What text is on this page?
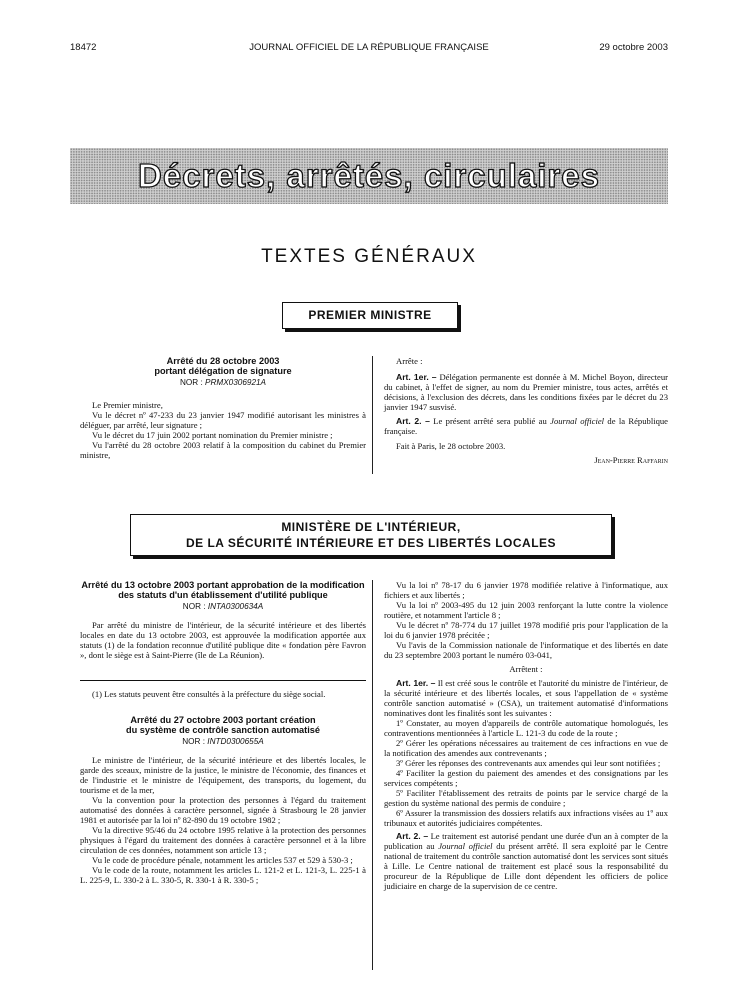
18472	JOURNAL OFFICIEL DE LA RÉPUBLIQUE FRANÇAISE	29 octobre 2003
Décrets, arrêtés, circulaires
TEXTES GÉNÉRAUX
PREMIER MINISTRE
Arrêté du 28 octobre 2003
portant délégation de signature
NOR : PRMX0306921A

Le Premier ministre,

Vu le décret nº 47-233 du 23 janvier 1947 modifié autorisant les ministres à déléguer, par arrêté, leur signature ;

Vu le décret du 17 juin 2002 portant nomination du Premier ministre ;

Vu l'arrêté du 28 octobre 2003 relatif à la composition du cabinet du Premier ministre,

Arrête :

Art. 1er. – Délégation permanente est donnée à M. Michel Boyon, directeur du cabinet, à l'effet de signer, au nom du Premier ministre, tous actes, arrêtés et décisions, à l'exclusion des décrets, dans les conditions fixées par le décret du 23 janvier 1947 susvisé.

Art. 2. – Le présent arrêté sera publié au Journal officiel de la République française.

Fait à Paris, le 28 octobre 2003.

Jean-Pierre Raffarin

MINISTÈRE DE L'INTÉRIEUR,
DE LA SÉCURITÉ INTÉRIEURE ET DES LIBERTÉS LOCALES
Arrêté du 13 octobre 2003 portant approbation de la modification des statuts d'un établissement d'utilité publique
NOR : INTA0300634A

Par arrêté du ministre de l'intérieur, de la sécurité intérieure et des libertés locales en date du 13 octobre 2003, est approuvée la modification apportée aux statuts (1) de la fondation reconnue d'utilité publique dite « fondation père Favron », dont le siège est à Saint-Pierre (île de La Réunion).

(1) Les statuts peuvent être consultés à la préfecture du siège social.

Arrêté du 27 octobre 2003 portant création
du système de contrôle sanction automatisé
NOR : INTD0300655A

Le ministre de l'intérieur, de la sécurité intérieure et des libertés locales, le garde des sceaux, ministre de la justice, le ministre de l'économie, des finances et de l'industrie et le ministre de l'équipement, des transports, du logement, du tourisme et de la mer,

Vu la convention pour la protection des personnes à l'égard du traitement automatisé des données à caractère personnel, signée à Strasbourg le 28 janvier 1981 et autorisée par la loi nº 82-890 du 19 octobre 1982 ;

Vu la directive 95/46 du 24 octobre 1995 relative à la protection des personnes physiques à l'égard du traitement des données à caractère personnel et à la libre circulation de ces données, notamment son article 13 ;

Vu le code de procédure pénale, notamment les articles 537 et 529 à 530-3 ;

Vu le code de la route, notamment les articles L. 121-2 et L. 121-3, L. 225-1 à L. 225-9, L. 330-2 à L. 330-5, R. 330-1 à R. 330-5 ;

Vu la loi nº 78-17 du 6 janvier 1978 modifiée relative à l'informatique, aux fichiers et aux libertés ;

Vu la loi nº 2003-495 du 12 juin 2003 renforçant la lutte contre la violence routière, et notamment l'article 8 ;

Vu le décret nº 78-774 du 17 juillet 1978 modifié pris pour l'application de la loi du 6 janvier 1978 précitée ;

Vu l'avis de la Commission nationale de l'informatique et des libertés en date du 23 septembre 2003 portant le numéro 03-041,

Arrêtent :

Art. 1er. – Il est créé sous le contrôle et l'autorité du ministre de l'intérieur, de la sécurité intérieure et des libertés locales, et sous l'appellation de « système contrôle sanction automatisé » (CSA), un traitement automatisé d'informations nominatives dont les finalités sont les suivantes :

1º Constater, au moyen d'appareils de contrôle automatique homologués, les contraventions mentionnées à l'article L. 121-3 du code de la route ;

2º Gérer les opérations nécessaires au traitement de ces infractions en vue de la notification des amendes aux contrevenants ;

3º Gérer les réponses des contrevenants aux amendes qui leur sont notifiées ;

4º Faciliter la gestion du paiement des amendes et des consignations par les services compétents ;

5º Faciliter l'établissement des retraits de points par le service chargé de la gestion du système national des permis de conduire ;

6º Assurer la transmission des dossiers relatifs aux infractions visées au 1º aux tribunaux et autorités judiciaires compétentes.

Art. 2. – Le traitement est autorisé pendant une durée d'un an à compter de la publication au Journal officiel du présent arrêté. Il sera exploité par le Centre national de traitement du contrôle sanction automatisé dont les services sont situés à Lille. Le Centre national de traitement est placé sous la responsabilité du procureur de la République de Lille dont dépendent les officiers de police judiciaire en charge de la supervision de ce centre.
